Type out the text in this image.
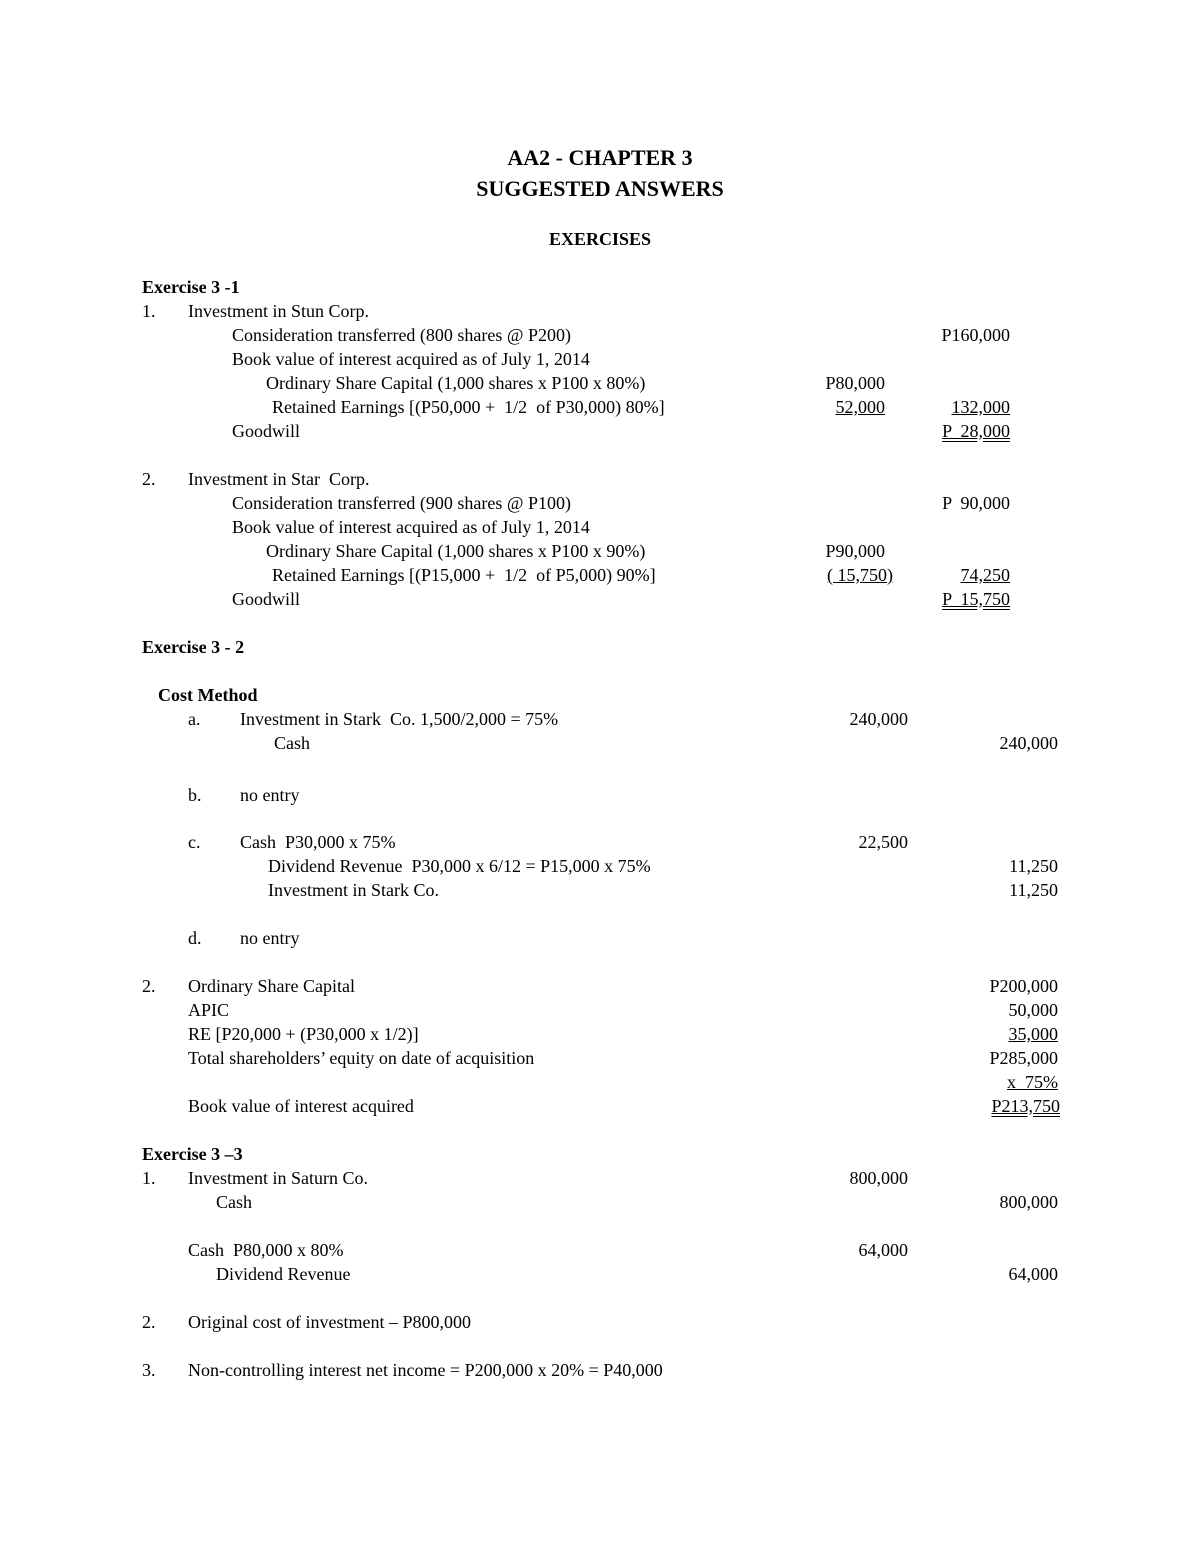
AA2 - CHAPTER 3
SUGGESTED ANSWERS
EXERCISES
Exercise 3 -1
1. Investment in Stun Corp.
Consideration transferred (800 shares @ P200)	P160,000
Book value of interest acquired as of July 1, 2014
Ordinary Share Capital (1,000 shares x P100 x 80%)	P80,000
Retained Earnings [(P50,000 +  1/2  of P30,000) 80%]	52,000	132,000
Goodwill	P  28,000
2. Investment in Star  Corp.
Consideration transferred (900 shares @ P100)	P  90,000
Book value of interest acquired as of July 1, 2014
Ordinary Share Capital (1,000 shares x P100 x 90%)	P90,000
Retained Earnings [(P15,000 +  1/2  of P5,000) 90%]	( 15,750)	74,250
Goodwill	P  15,750
Exercise 3 - 2
Cost Method
a. Investment in Stark  Co. 1,500/2,000 = 75%	240,000
Cash	240,000
b. no entry
c. Cash  P30,000 x 75%	22,500
Dividend Revenue  P30,000 x 6/12 = P15,000 x 75%	11,250
Investment in Stark Co.	11,250
d. no entry
2. Ordinary Share Capital	P200,000
APIC	50,000
RE [P20,000 + (P30,000 x 1/2)]	35,000
Total shareholders’ equity on date of acquisition	P285,000
x  75%
Book value of interest acquired	P213,750
Exercise 3 –3
1. Investment in Saturn Co.	800,000
Cash	800,000
Cash  P80,000 x 80%	64,000
Dividend Revenue	64,000
2. Original cost of investment – P800,000
3. Non-controlling interest net income = P200,000 x 20% = P40,000
